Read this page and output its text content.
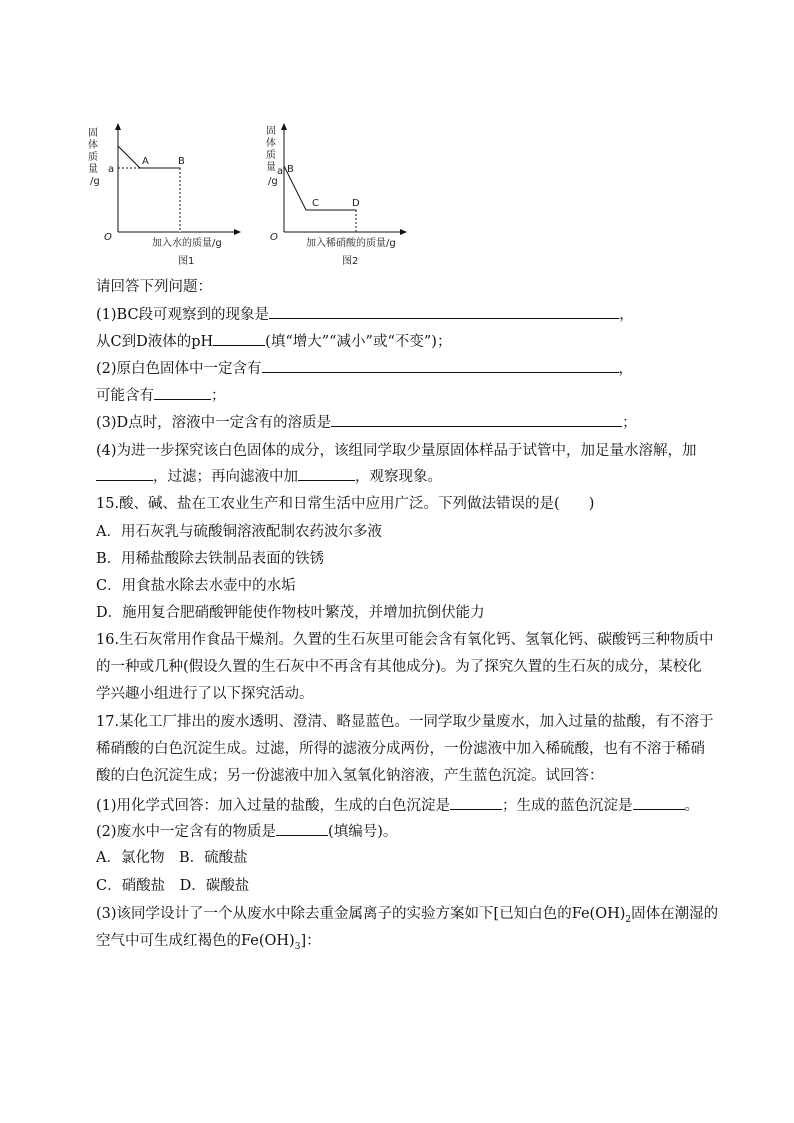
固
体
质
量 a
/g
A	B
O
加入水的质量/g
图1
固
体
质
量 a
/g
B
C	D
O
加入稀硝酸的质量/g
图2
请回答下列问题：
(1)BC段可观察到的现象是	，
从C到D液体的pH	(填“增大”“减小”或“不变”)；
(2)原白色固体中一定含有	，
可能含有	；
(3)D点时，溶液中一定含有的溶质是	；
(4)为进一步探究该白色固体的成分，该组同学取少量原固体样品于试管中，加足量水溶解，加
，过滤；再向滤液中加	，观察现象。
15.酸、碱、盐在工农业生产和日常生活中应用广泛。下列做法错误的是(　　)
A．用石灰乳与硫酸铜溶液配制农药波尔多液
B．用稀盐酸除去铁制品表面的铁锈
C．用食盐水除去水壶中的水垢
D．施用复合肥硝酸钾能使作物枝叶繁茂，并增加抗倒伏能力
16.生石灰常用作食品干燥剂。久置的生石灰里可能会含有氧化钙、氢氧化钙、碳酸钙三种物质中
的一种或几种(假设久置的生石灰中不再含有其他成分)。为了探究久置的生石灰的成分，某校化
学兴趣小组进行了以下探究活动。
17.某化工厂排出的废水透明、澄清、略显蓝色。一同学取少量废水，加入过量的盐酸，有不溶于
稀硝酸的白色沉淀生成。过滤，所得的滤液分成两份，一份滤液中加入稀硫酸，也有不溶于稀硝
酸的白色沉淀生成；另一份滤液中加入氢氧化钠溶液，产生蓝色沉淀。试回答：
(1)用化学式回答：加入过量的盐酸，生成的白色沉淀是	；生成的蓝色沉淀是	。
(2)废水中一定含有的物质是	(填编号)。
A．氯化物　B．硫酸盐
C．硝酸盐　D．碳酸盐
(3)该同学设计了一个从废水中除去重金属离子的实验方案如下[已知白色的$Fe(OH)_2$固体在潮湿的
空气中可生成红褐色的$Fe(OH)_3$]：
